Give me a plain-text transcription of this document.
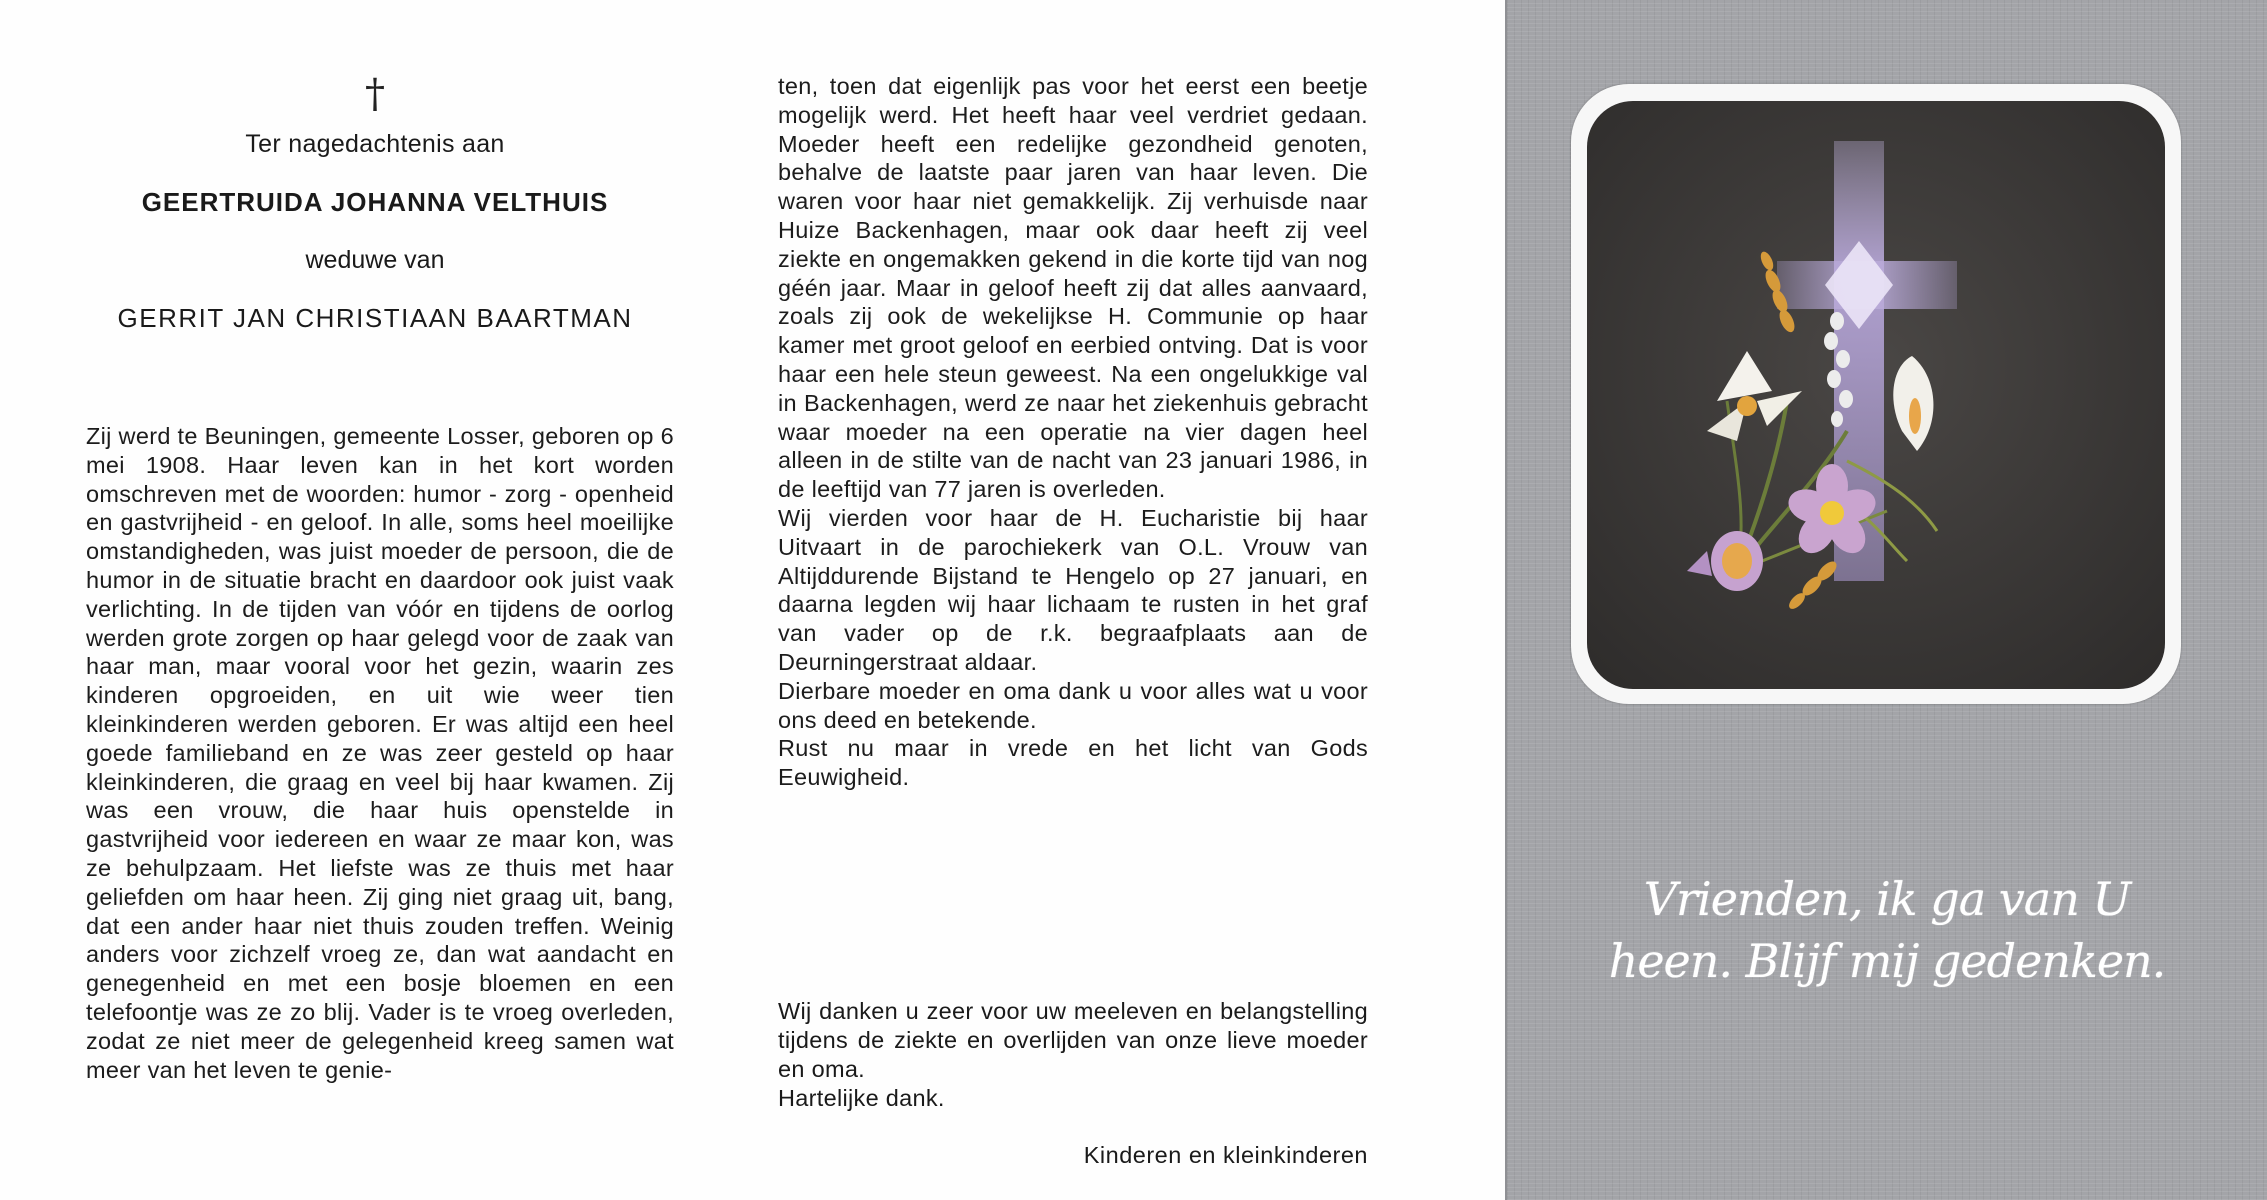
†
Ter nagedachtenis aan
GEERTRUIDA JOHANNA VELTHUIS
weduwe van
GERRIT JAN CHRISTIAAN BAARTMAN

Zij werd te Beuningen, gemeente Losser, geboren op 6 mei 1908. Haar leven kan in het kort worden omschreven met de woorden: humor - zorg - openheid en gastvrijheid - en geloof. In alle, soms heel moeilijke omstandigheden, was juist moeder de persoon, die de humor in de situatie bracht en daardoor ook juist vaak verlichting. In de tijden van vóór en tijdens de oorlog werden grote zorgen op haar gelegd voor de zaak van haar man, maar vooral voor het gezin, waarin zes kinderen opgroeiden, en uit wie weer tien kleinkinderen werden geboren. Er was altijd een heel goede familieband en ze was zeer gesteld op haar kleinkinderen, die graag en veel bij haar kwamen. Zij was een vrouw, die haar huis openstelde in gastvrijheid voor iedereen en waar ze maar kon, was ze behulpzaam. Het liefste was ze thuis met haar geliefden om haar heen. Zij ging niet graag uit, bang, dat een ander haar niet thuis zouden treffen. Weinig anders voor zichzelf vroeg ze, dan wat aandacht en genegenheid en met een bosje bloemen en een telefoontje was ze zo blij. Vader is te vroeg overleden, zodat ze niet meer de gelegenheid kreeg samen wat meer van het leven te genie-

ten, toen dat eigenlijk pas voor het eerst een beetje mogelijk werd. Het heeft haar veel verdriet gedaan. Moeder heeft een redelijke gezondheid genoten, behalve de laatste paar jaren van haar leven. Die waren voor haar niet gemakkelijk. Zij verhuisde naar Huize Backenhagen, maar ook daar heeft zij veel ziekte en ongemakken gekend in die korte tijd van nog géén jaar. Maar in geloof heeft zij dat alles aanvaard, zoals zij ook de wekelijkse H. Communie op haar kamer met groot geloof en eerbied ontving. Dat is voor haar een hele steun geweest. Na een ongelukkige val in Backenhagen, werd ze naar het ziekenhuis gebracht waar moeder na een operatie na vier dagen heel alleen in de stilte van de nacht van 23 januari 1986, in de leeftijd van 77 jaren is overleden.

Wij vierden voor haar de H. Eucharistie bij haar Uitvaart in de parochiekerk van O.L. Vrouw van Altijddurende Bijstand te Hengelo op 27 januari, en daarna legden wij haar lichaam te rusten in het graf van vader op de r.k. begraafplaats aan de Deurningerstraat aldaar.

Dierbare moeder en oma dank u voor alles wat u voor ons deed en betekende.

Rust nu maar in vrede en het licht van Gods Eeuwigheid.

Wij danken u zeer voor uw meeleven en belangstelling tijdens de ziekte en overlijden van onze lieve moeder en oma.
Hartelijke dank.
Kinderen en kleinkinderen
Vrienden, ik ga van U
heen. Blijf mij gedenken.
